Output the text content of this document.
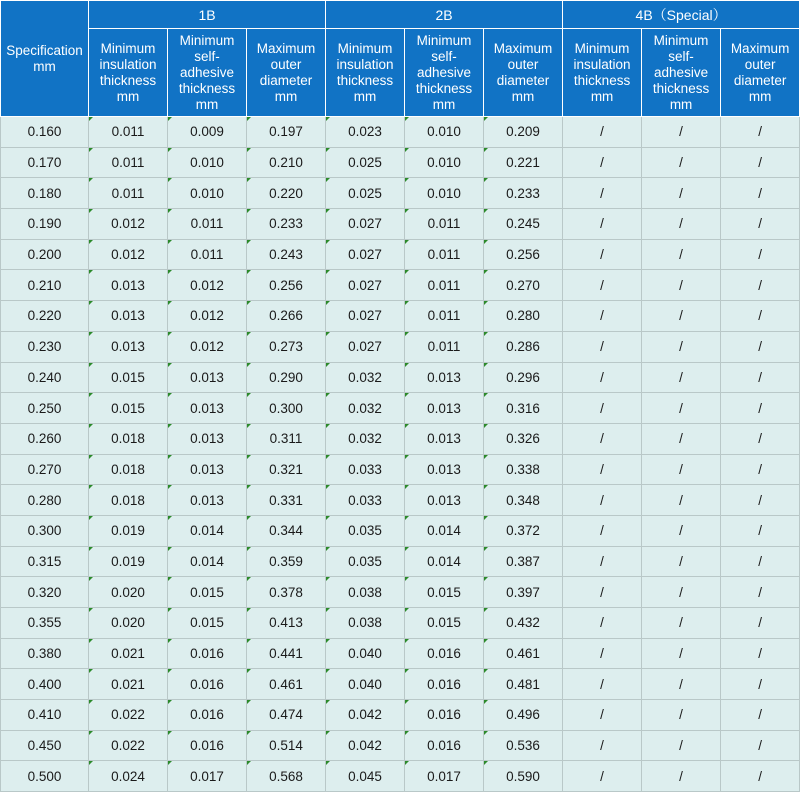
Specification
mm	1B			2B			4B（Special）		
	Minimum insulation thickness mm	Minimum self-adhesive thickness mm	Maximum outer diameter mm	Minimum insulation thickness mm	Minimum self-adhesive thickness mm	Maximum outer diameter mm	Minimum insulation thickness mm	Minimum self-adhesive thickness mm	Maximum outer diameter mm
0.160	0.011	0.009	0.197	0.023	0.010	0.209	/	/	/
0.170	0.011	0.010	0.210	0.025	0.010	0.221	/	/	/
0.180	0.011	0.010	0.220	0.025	0.010	0.233	/	/	/
0.190	0.012	0.011	0.233	0.027	0.011	0.245	/	/	/
0.200	0.012	0.011	0.243	0.027	0.011	0.256	/	/	/
0.210	0.013	0.012	0.256	0.027	0.011	0.270	/	/	/
0.220	0.013	0.012	0.266	0.027	0.011	0.280	/	/	/
0.230	0.013	0.012	0.273	0.027	0.011	0.286	/	/	/
0.240	0.015	0.013	0.290	0.032	0.013	0.296	/	/	/
0.250	0.015	0.013	0.300	0.032	0.013	0.316	/	/	/
0.260	0.018	0.013	0.311	0.032	0.013	0.326	/	/	/
0.270	0.018	0.013	0.321	0.033	0.013	0.338	/	/	/
0.280	0.018	0.013	0.331	0.033	0.013	0.348	/	/	/
0.300	0.019	0.014	0.344	0.035	0.014	0.372	/	/	/
0.315	0.019	0.014	0.359	0.035	0.014	0.387	/	/	/
0.320	0.020	0.015	0.378	0.038	0.015	0.397	/	/	/
0.355	0.020	0.015	0.413	0.038	0.015	0.432	/	/	/
0.380	0.021	0.016	0.441	0.040	0.016	0.461	/	/	/
0.400	0.021	0.016	0.461	0.040	0.016	0.481	/	/	/
0.410	0.022	0.016	0.474	0.042	0.016	0.496	/	/	/
0.450	0.022	0.016	0.514	0.042	0.016	0.536	/	/	/
0.500	0.024	0.017	0.568	0.045	0.017	0.590	/	/	/
